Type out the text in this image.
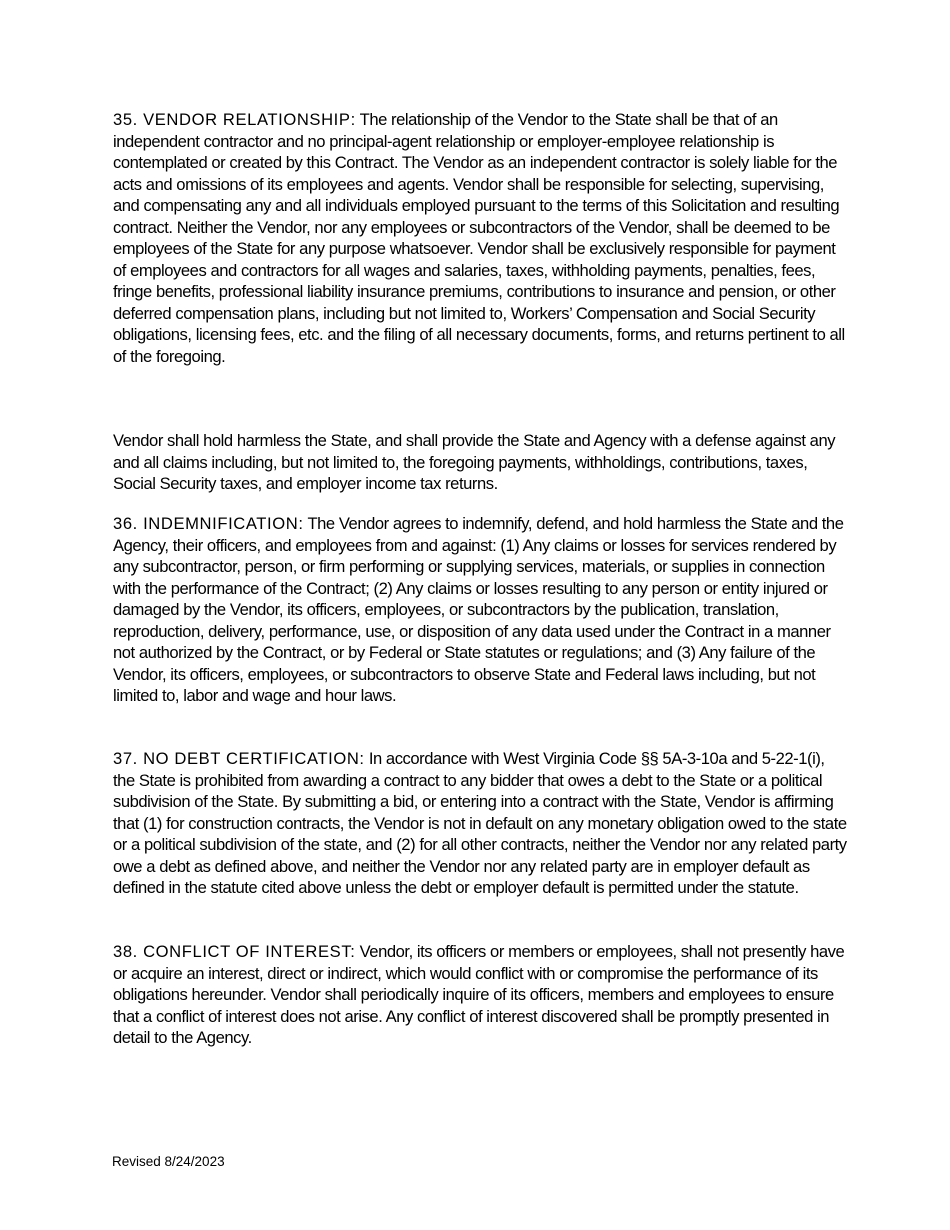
35. VENDOR RELATIONSHIP: The relationship of the Vendor to the State shall be that of an independent contractor and no principal-agent relationship or employer-employee relationship is contemplated or created by this Contract. The Vendor as an independent contractor is solely liable for the acts and omissions of its employees and agents. Vendor shall be responsible for selecting, supervising, and compensating any and all individuals employed pursuant to the terms of this Solicitation and resulting contract. Neither the Vendor, nor any employees or subcontractors of the Vendor, shall be deemed to be employees of the State for any purpose whatsoever. Vendor shall be exclusively responsible for payment of employees and contractors for all wages and salaries, taxes, withholding payments, penalties, fees, fringe benefits, professional liability insurance premiums, contributions to insurance and pension, or other deferred compensation plans, including but not limited to, Workers’ Compensation and Social Security obligations, licensing fees, etc. and the filing of all necessary documents, forms, and returns pertinent to all of the foregoing.

Vendor shall hold harmless the State, and shall provide the State and Agency with a defense against any and all claims including, but not limited to, the foregoing payments, withholdings, contributions, taxes, Social Security taxes, and employer income tax returns.

36. INDEMNIFICATION: The Vendor agrees to indemnify, defend, and hold harmless the State and the Agency, their officers, and employees from and against: (1) Any claims or losses for services rendered by any subcontractor, person, or firm performing or supplying services, materials, or supplies in connection with the performance of the Contract; (2) Any claims or losses resulting to any person or entity injured or damaged by the Vendor, its officers, employees, or subcontractors by the publication, translation, reproduction, delivery, performance, use, or disposition of any data used under the Contract in a manner not authorized by the Contract, or by Federal or State statutes or regulations; and (3) Any failure of the Vendor, its officers, employees, or subcontractors to observe State and Federal laws including, but not limited to, labor and wage and hour laws.

37. NO DEBT CERTIFICATION: In accordance with West Virginia Code §§ 5A-3-10a and 5-22-1(i), the State is prohibited from awarding a contract to any bidder that owes a debt to the State or a political subdivision of the State. By submitting a bid, or entering into a contract with the State, Vendor is affirming that (1) for construction contracts, the Vendor is not in default on any monetary obligation owed to the state or a political subdivision of the state, and (2) for all other contracts, neither the Vendor nor any related party owe a debt as defined above, and neither the Vendor nor any related party are in employer default as defined in the statute cited above unless the debt or employer default is permitted under the statute.

38. CONFLICT OF INTEREST: Vendor, its officers or members or employees, shall not presently have or acquire an interest, direct or indirect, which would conflict with or compromise the performance of its obligations hereunder. Vendor shall periodically inquire of its officers, members and employees to ensure that a conflict of interest does not arise. Any conflict of interest discovered shall be promptly presented in detail to the Agency.

Revised 8/24/2023
